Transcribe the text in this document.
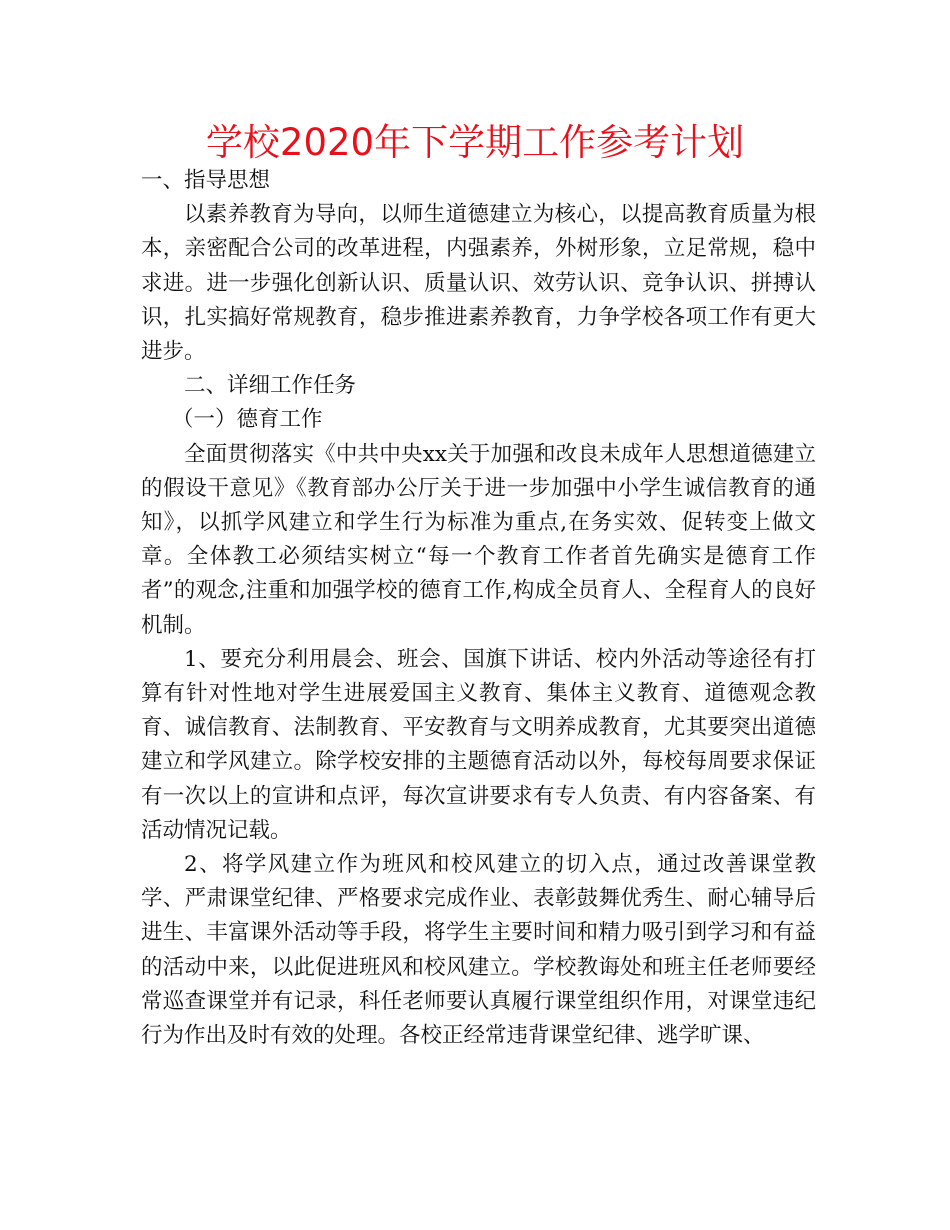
学校2020年下学期工作参考计划

一、指导思想

以素养教育为导向，以师生道德建立为核心，以提高教育质量为根本，亲密配合公司的改革进程，内强素养，外树形象，立足常规，稳中求进。进一步强化创新认识、质量认识、效劳认识、竞争认识、拼搏认识，扎实搞好常规教育，稳步推进素养教育，力争学校各项工作有更大进步。

二、详细工作任务

（一）德育工作

全面贯彻落实《中共中央xx关于加强和改良未成年人思想道德建立的假设干意见》《教育部办公厅关于进一步加强中小学生诚信教育的通知》，以抓学风建立和学生行为标准为重点,在务实效、促转变上做文章。全体教工必须结实树立“每一个教育工作者首先确实是德育工作者”的观念,注重和加强学校的德育工作,构成全员育人、全程育人的良好机制。

1、要充分利用晨会、班会、国旗下讲话、校内外活动等途径有打算有针对性地对学生进展爱国主义教育、集体主义教育、道德观念教育、诚信教育、法制教育、平安教育与文明养成教育，尤其要突出道德建立和学风建立。除学校安排的主题德育活动以外，每校每周要求保证有一次以上的宣讲和点评，每次宣讲要求有专人负责、有内容备案、有活动情况记载。

2、将学风建立作为班风和校风建立的切入点，通过改善课堂教学、严肃课堂纪律、严格要求完成作业、表彰鼓舞优秀生、耐心辅导后进生、丰富课外活动等手段，将学生主要时间和精力吸引到学习和有益的活动中来，以此促进班风和校风建立。学校教诲处和班主任老师要经常巡查课堂并有记录，科任老师要认真履行课堂组织作用，对课堂违纪行为作出及时有效的处理。各校正经常违背课堂纪律、逃学旷课、
